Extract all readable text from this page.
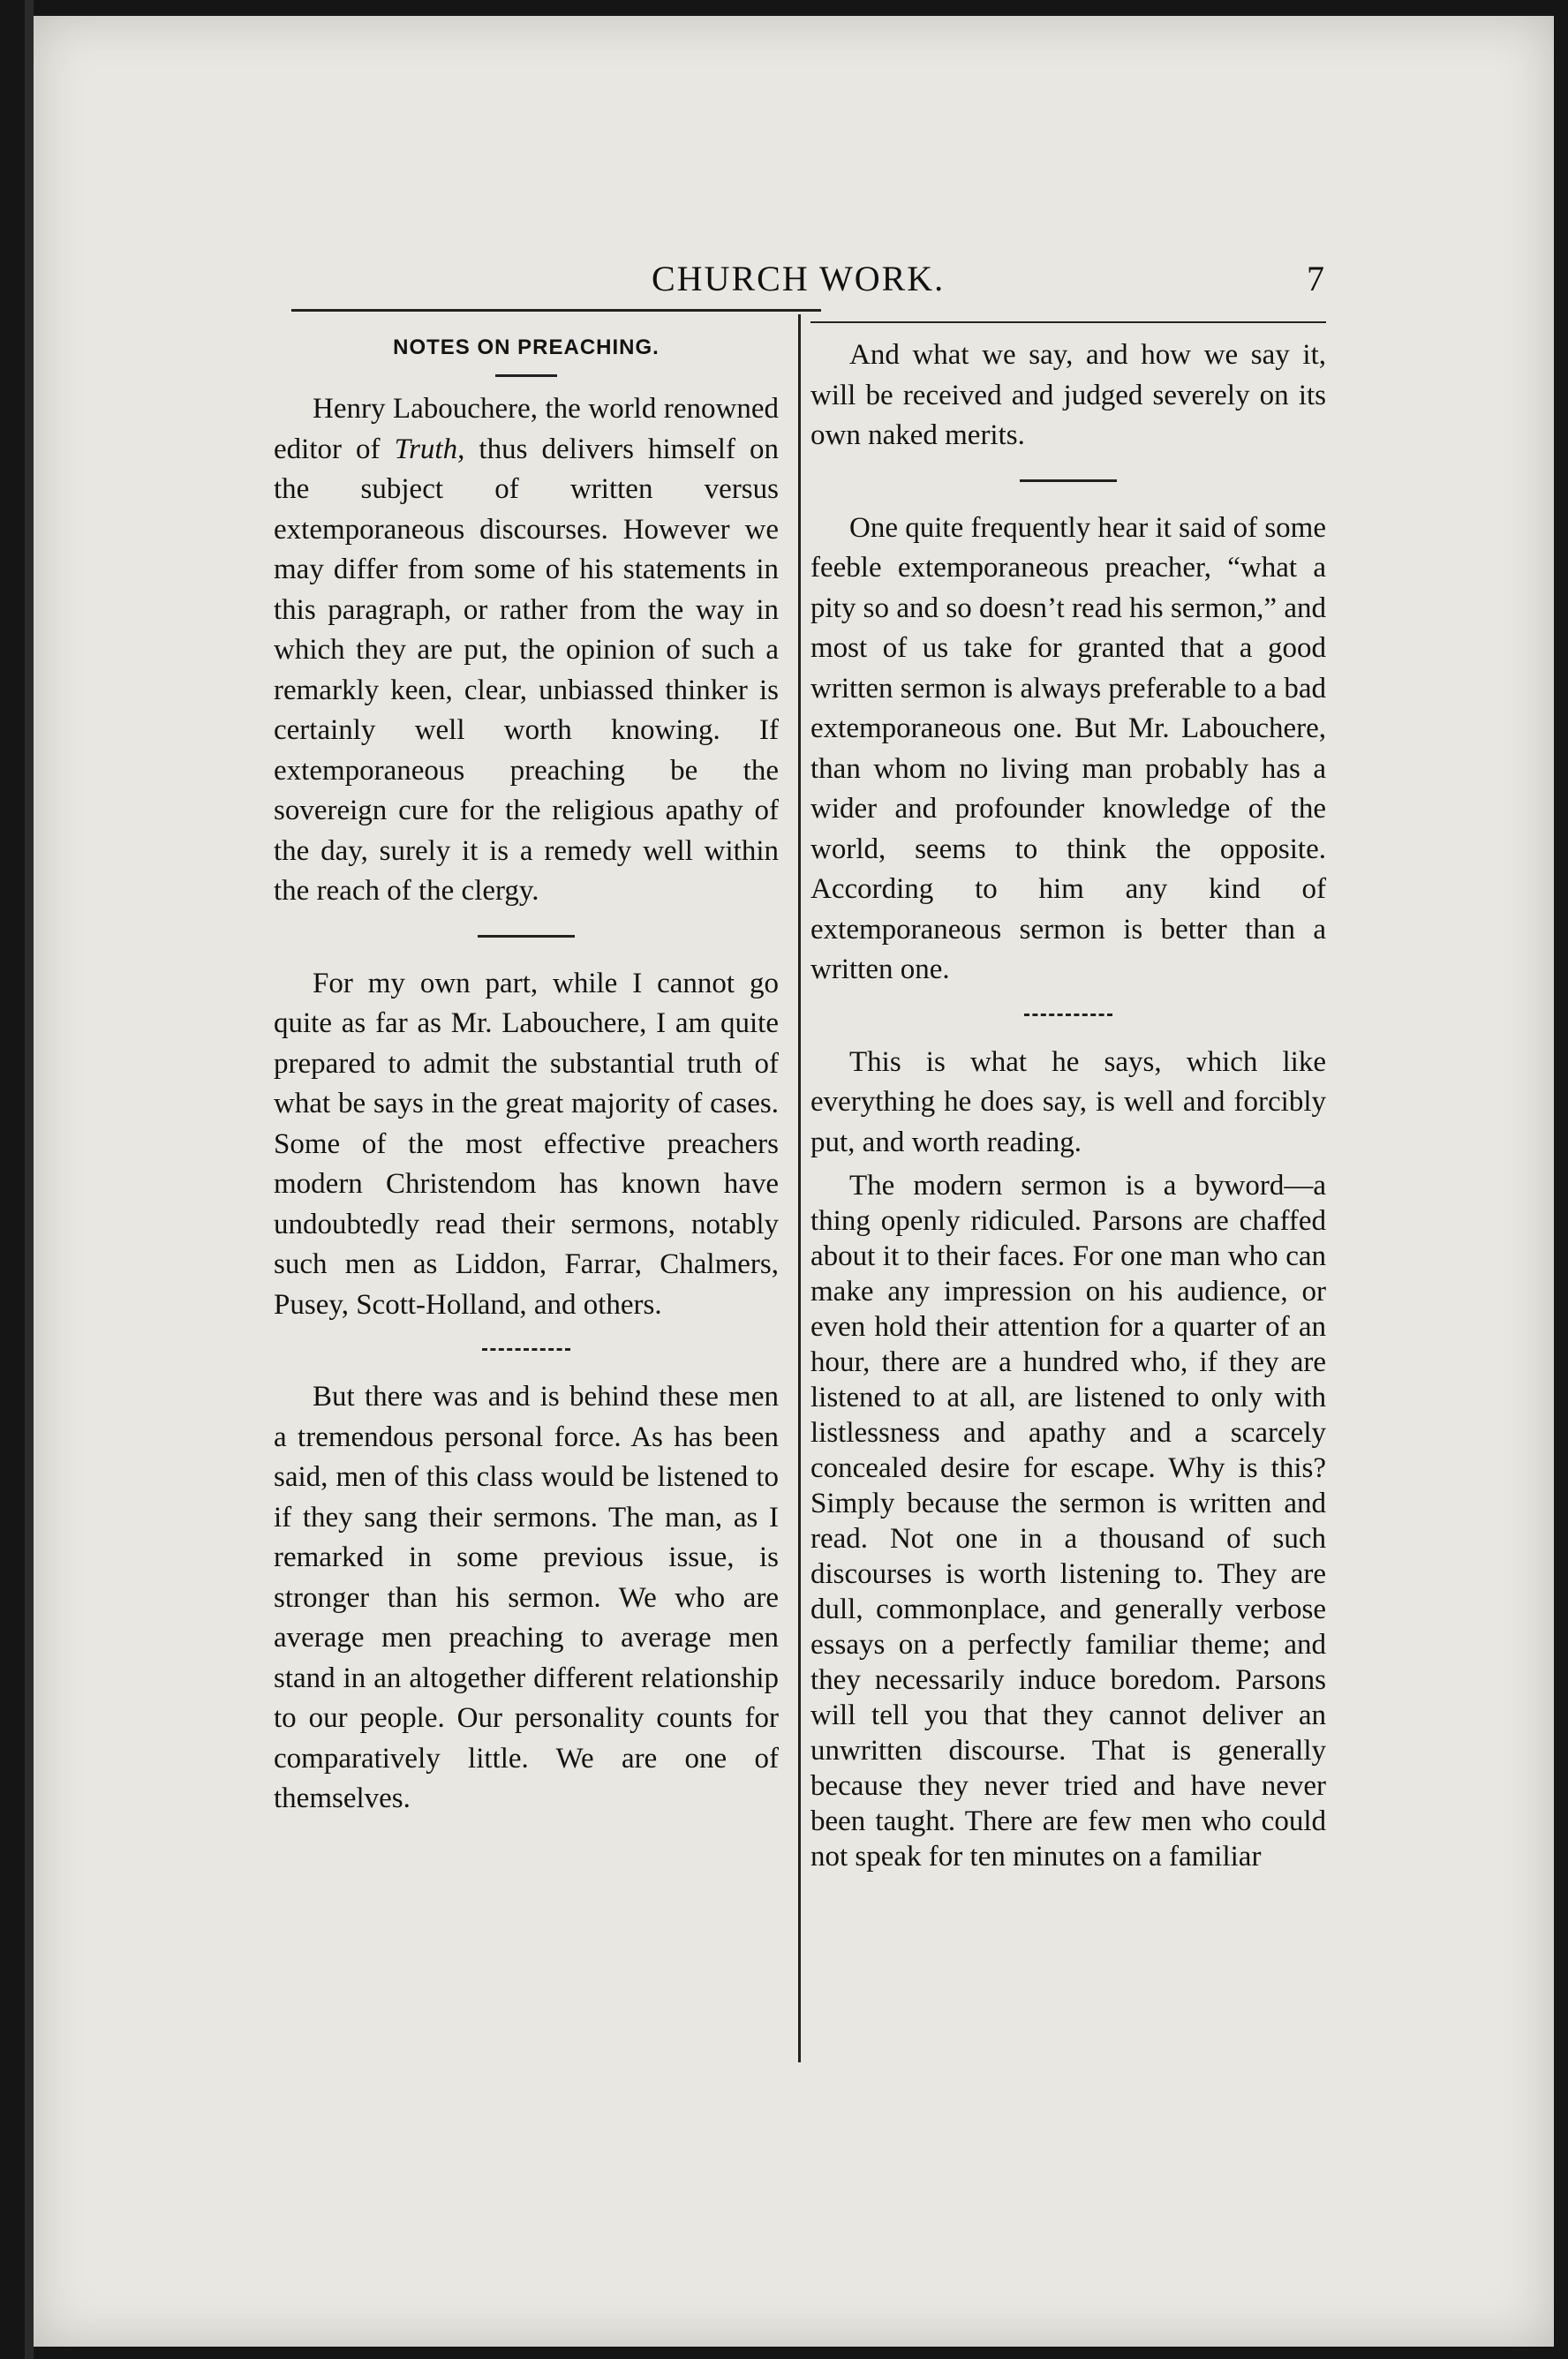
CHURCH WORK.	7
NOTES ON PREACHING.

Henry Labouchere, the world renowned editor of Truth, thus delivers himself on the subject of written versus extemporaneous discourses. However we may differ from some of his statements in this paragraph, or rather from the way in which they are put, the opinion of such a remarkly keen, clear, unbiassed thinker is certainly well worth knowing. If extemporaneous preaching be the sovereign cure for the religious apathy of the day, surely it is a remedy well within the reach of the clergy.

For my own part, while I cannot go quite as far as Mr. Labouchere, I am quite prepared to admit the substantial truth of what be says in the great majority of cases. Some of the most effective preachers modern Christendom has known have undoubtedly read their sermons, notably such men as Liddon, Farrar, Chalmers, Pusey, Scott-Holland, and others.

But there was and is behind these men a tremendous personal force. As has been said, men of this class would be listened to if they sang their sermons. The man, as I remarked in some previous issue, is stronger than his sermon. We who are average men preaching to average men stand in an altogether different relationship to our people. Our personality counts for comparatively little. We are one of themselves.

And what we say, and how we say it, will be received and judged severely on its own naked merits.

One quite frequently hear it said of some feeble extemporaneous preacher, “what a pity so and so doesn’t read his sermon,” and most of us take for granted that a good written sermon is always preferable to a bad extemporaneous one. But Mr. Labouchere, than whom no living man probably has a wider and profounder knowledge of the world, seems to think the opposite. According to him any kind of extemporaneous sermon is better than a written one.

This is what he says, which like everything he does say, is well and forcibly put, and worth reading.

The modern sermon is a byword—a thing openly ridiculed. Parsons are chaffed about it to their faces. For one man who can make any impression on his audience, or even hold their attention for a quarter of an hour, there are a hundred who, if they are listened to at all, are listened to only with listlessness and apathy and a scarcely concealed desire for escape. Why is this? Simply because the sermon is written and read. Not one in a thousand of such discourses is worth listening to. They are dull, commonplace, and generally verbose essays on a perfectly familiar theme; and they necessarily induce boredom. Parsons will tell you that they cannot deliver an unwritten discourse. That is generally because they never tried and have never been taught. There are few men who could not speak for ten minutes on a familiar
